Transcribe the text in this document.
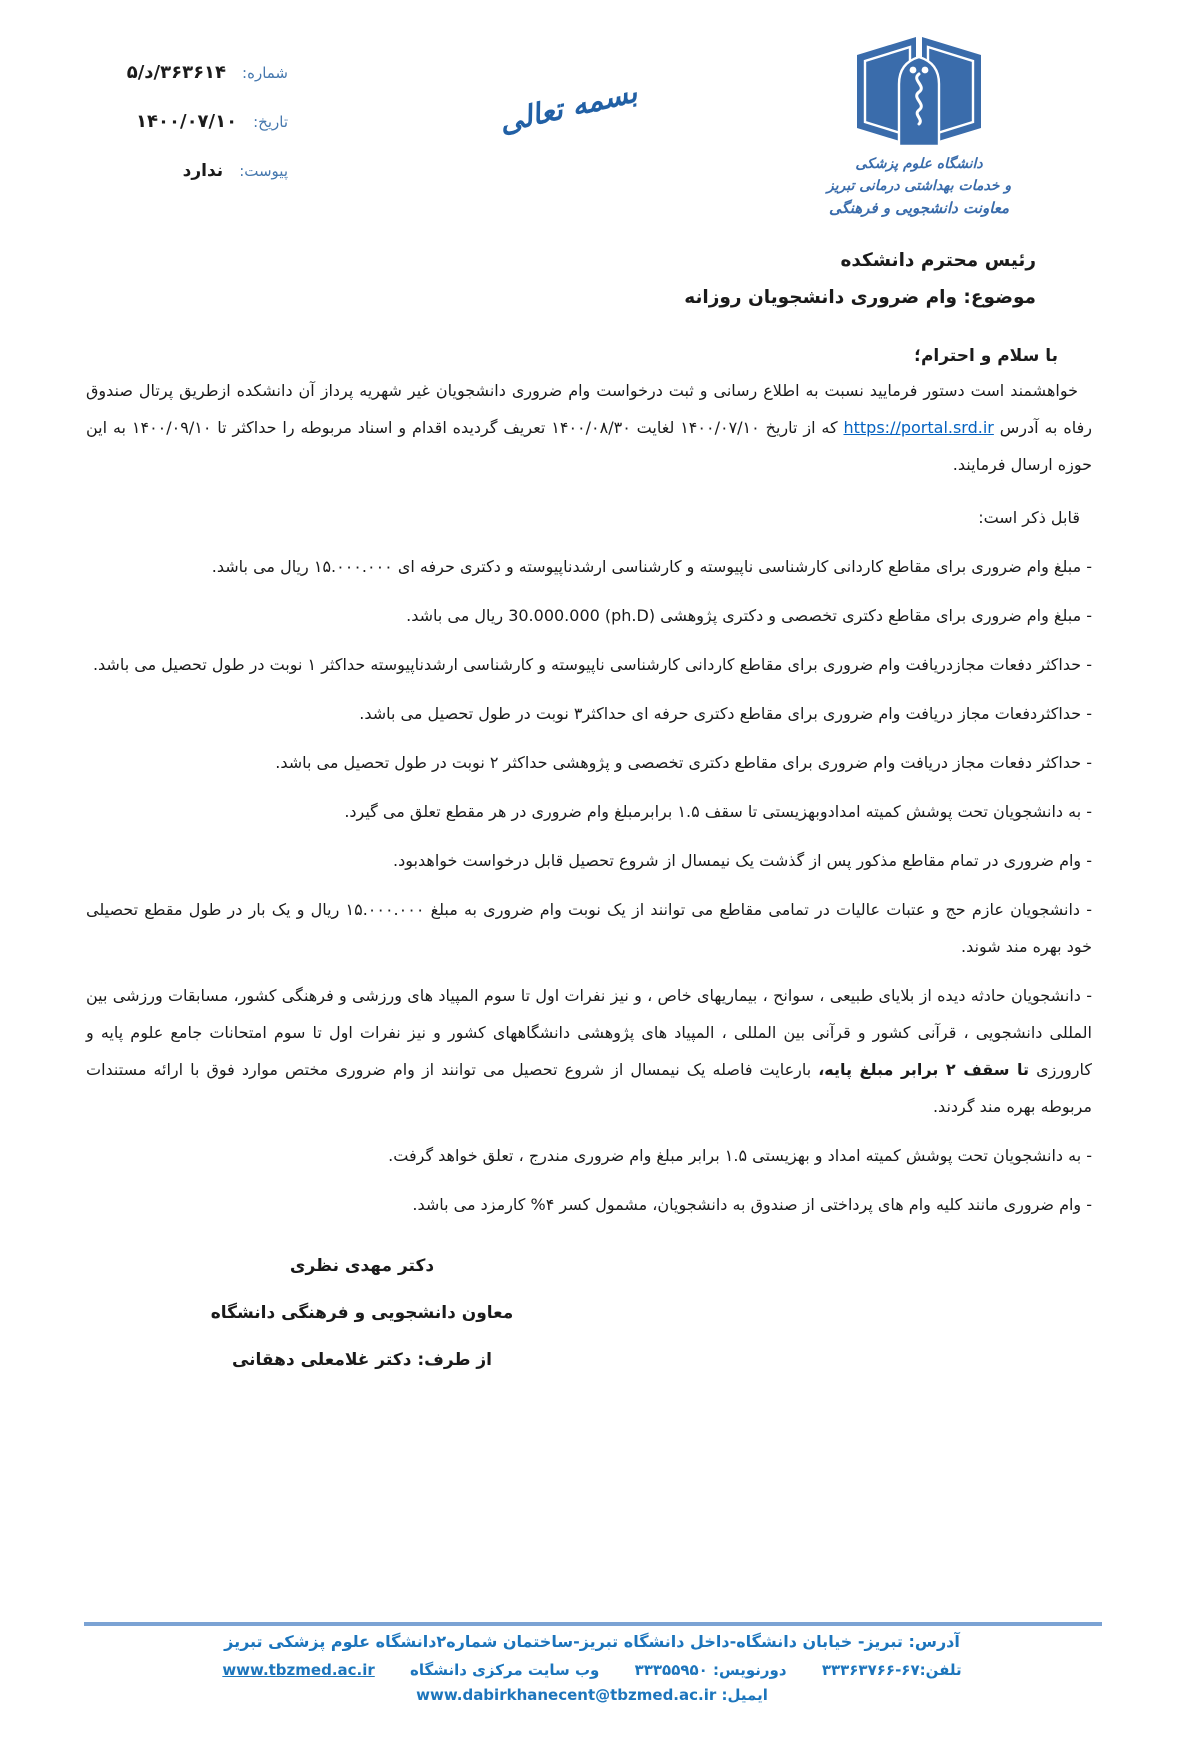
شماره:
۳۶۳۶۱۴/د/۵
تاریخ:
۱۴۰۰/۰۷/۱۰
پیوست:
ندارد
بسمه تعالی
دانشگاه علوم پزشکی
و خدمات بهداشتی درمانی تبریز
معاونت دانشجویی و فرهنگی
رئیس محترم دانشکده
موضوع: وام ضروری دانشجویان روزانه
با سلام و احترام؛

خواهشمند است دستور فرمایید نسبت به اطلاع رسانی و ثبت درخواست وام ضروری دانشجویان غیر شهریه پرداز آن دانشکده ازطریق پرتال صندوق رفاه به آدرس https://portal.srd.ir که از تاریخ ۱۴۰۰/۰۷/۱۰ لغایت ۱۴۰۰/۰۸/۳۰ تعریف گردیده اقدام و اسناد مربوطه را حداکثر تا ۱۴۰۰/۰۹/۱۰ به این حوزه ارسال فرمایند.

قابل ذکر است:

- مبلغ وام ضروری برای مقاطع کاردانی کارشناسی ناپیوسته و کارشناسی ارشدناپیوسته و دکتری حرفه ای ۱۵.۰۰۰.۰۰۰ ریال می باشد.

- مبلغ وام ضروری برای مقاطع دکتری تخصصی و دکتری پژوهشی (ph.D) 30.000.000 ریال می باشد.

- حداکثر دفعات مجازدریافت وام ضروری برای مقاطع کاردانی کارشناسی ناپیوسته و کارشناسی ارشدناپیوسته حداکثر ۱ نوبت در طول تحصیل می باشد.

- حداکثردفعات مجاز دریافت وام ضروری برای مقاطع دکتری حرفه ای حداکثر۳ نوبت در طول تحصیل می باشد.

- حداکثر دفعات مجاز دریافت وام ضروری برای مقاطع دکتری تخصصی و پژوهشی حداکثر ۲ نوبت در طول تحصیل می باشد.

- به دانشجویان تحت پوشش کمیته امدادوبهزیستی تا سقف ۱.۵ برابرمبلغ وام ضروری در هر مقطع تعلق می گیرد.

- وام ضروری در تمام مقاطع مذکور پس از گذشت یک نیمسال از شروع تحصیل قابل درخواست خواهدبود.

- دانشجویان عازم حج و عتبات عالیات در تمامی مقاطع می توانند از یک نوبت وام ضروری به مبلغ ۱۵.۰۰۰.۰۰۰ ریال و یک بار در طول مقطع تحصیلی خود بهره مند شوند.

- دانشجویان حادثه دیده از بلایای طبیعی ، سوانح ، بیماریهای خاص ، و نیز نفرات اول تا سوم المپیاد های ورزشی و فرهنگی کشور، مسابقات ورزشی بین المللی دانشجویی ، قرآنی کشور و قرآنی بین المللی ، المپیاد های پژوهشی دانشگاههای کشور و نیز نفرات اول تا سوم امتحانات جامع علوم پایه و کارورزی تا سقف ۲ برابر مبلغ پایه، بارعایت فاصله یک نیمسال از شروع تحصیل می توانند از وام ضروری مختص موارد فوق با ارائه مستندات مربوطه بهره مند گردند.

- به دانشجویان تحت پوشش کمیته امداد و بهزیستی ۱.۵ برابر مبلغ وام ضروری مندرج ، تعلق خواهد گرفت.

- وام ضروری مانند کلیه وام های پرداختی از صندوق به دانشجویان، مشمول کسر ۴% کارمزد می باشد.

دکتر مهدی نظری
معاون دانشجویی و فرهنگی دانشگاه
از طرف: دکتر غلامعلی دهقانی
آدرس: تبریز- خیابان دانشگاه-داخل دانشگاه تبریز-ساختمان شماره۲دانشگاه علوم پزشکی تبریز
تلفن:۶۷-۳۳۳۶۳۷۶۶ دورنویس: ۳۳۳۵۵۹۵۰ وب سایت مرکزی دانشگاه www.tbzmed.ac.ir
ایمیل: www.dabirkhanecent@tbzmed.ac.ir
